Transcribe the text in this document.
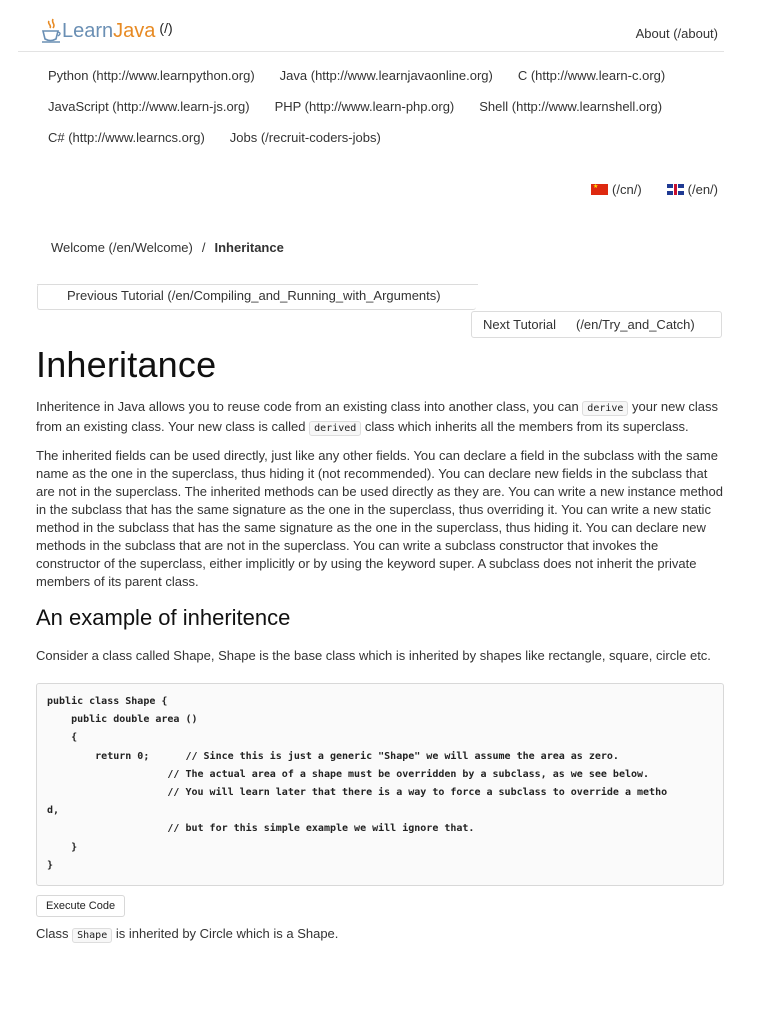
Learn Java (/)	About (/about)
Python (http://www.learnpython.org) Java (http://www.learnjavaonline.org) C (http://www.learn-c.org)
JavaScript (http://www.learn-js.org) PHP (http://www.learn-php.org) Shell (http://www.learnshell.org)
C# (http://www.learncs.org) Jobs (/recruit-coders-jobs)
★
(/cn/)	(/en/)
Welcome (/en/Welcome) / Inheritance
Previous Tutorial (/en/Compiling_and_Running_with_Arguments)
Next Tutorial (/en/Try_and_Catch)
Inheritance

Inheritence in Java allows you to reuse code from an existing class into another class, you can derive your new class from an existing class. Your new class is called derived class which inherits all the members from its superclass.

The inherited fields can be used directly, just like any other fields. You can declare a field in the subclass with the same name as the one in the superclass, thus hiding it (not recommended). You can declare new fields in the subclass that are not in the superclass. The inherited methods can be used directly as they are. You can write a new instance method in the subclass that has the same signature as the one in the superclass, thus overriding it. You can write a new static method in the subclass that has the same signature as the one in the superclass, thus hiding it. You can declare new methods in the subclass that are not in the superclass. You can write a subclass constructor that invokes the constructor of the superclass, either implicitly or by using the keyword super. A subclass does not inherit the private members of its parent class.

An example of inheritence

Consider a class called Shape, Shape is the base class which is inherited by shapes like rectangle, square, circle etc.

public class Shape {
public double area ()
{
return 0;      // Since this is just a generic "Shape" we will assume the area as zero.
// The actual area of a shape must be overridden by a subclass, as we see below.
// You will learn later that there is a way to force a subclass to override a metho
d,
// but for this simple example we will ignore that.
}
}
Execute Code

Class Shape is inherited by Circle which is a Shape.
